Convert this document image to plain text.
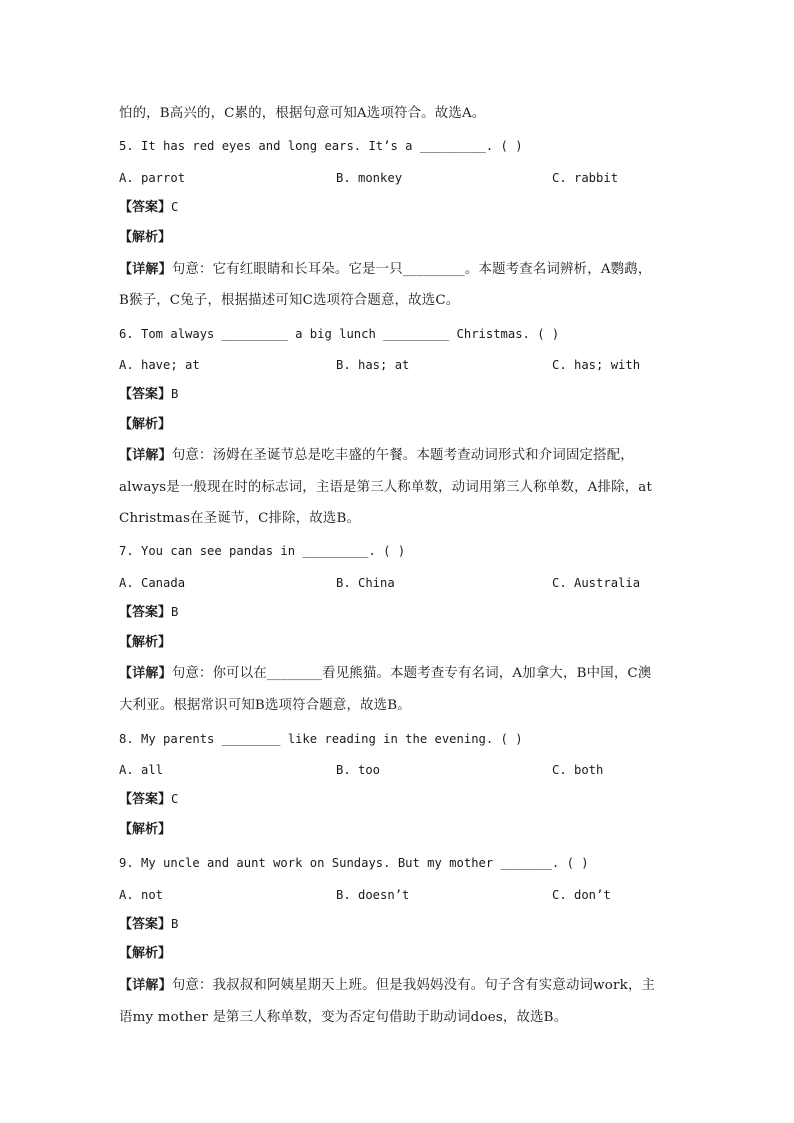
怕的，B高兴的，C累的，根据句意可知A选项符合。故选A。
5. It has red eyes and long ears. It’s a _________. ( )
A. parrot	B. monkey	C. rabbit
【答案】C
【解析】
【详解】句意：它有红眼睛和长耳朵。它是一只_________。本题考查名词辨析，A鹦鹉，
B猴子，C兔子，根据描述可知C选项符合题意，故选C。
6. Tom always _________ a big lunch _________ Christmas. ( )
A. have; at	B. has; at	C. has; with
【答案】B
【解析】
【详解】句意：汤姆在圣诞节总是吃丰盛的午餐。本题考查动词形式和介词固定搭配，
always是一般现在时的标志词，主语是第三人称单数，动词用第三人称单数，A排除，at
Christmas在圣诞节，C排除，故选B。
7. You can see pandas in _________. ( )
A. Canada	B. China	C. Australia
【答案】B
【解析】
【详解】句意：你可以在________看见熊猫。本题考查专有名词，A加拿大，B中国，C澳
大利亚。根据常识可知B选项符合题意，故选B。
8. My parents ________ like reading in the evening. ( )
A. all	B. too	C. both
【答案】C
【解析】
9. My uncle and aunt work on Sundays. But my mother _______. ( )
A. not	B. doesn’t	C. don’t
【答案】B
【解析】
【详解】句意：我叔叔和阿姨星期天上班。但是我妈妈没有。句子含有实意动词work，主
语my mother 是第三人称单数，变为否定句借助于助动词does，故选B。
